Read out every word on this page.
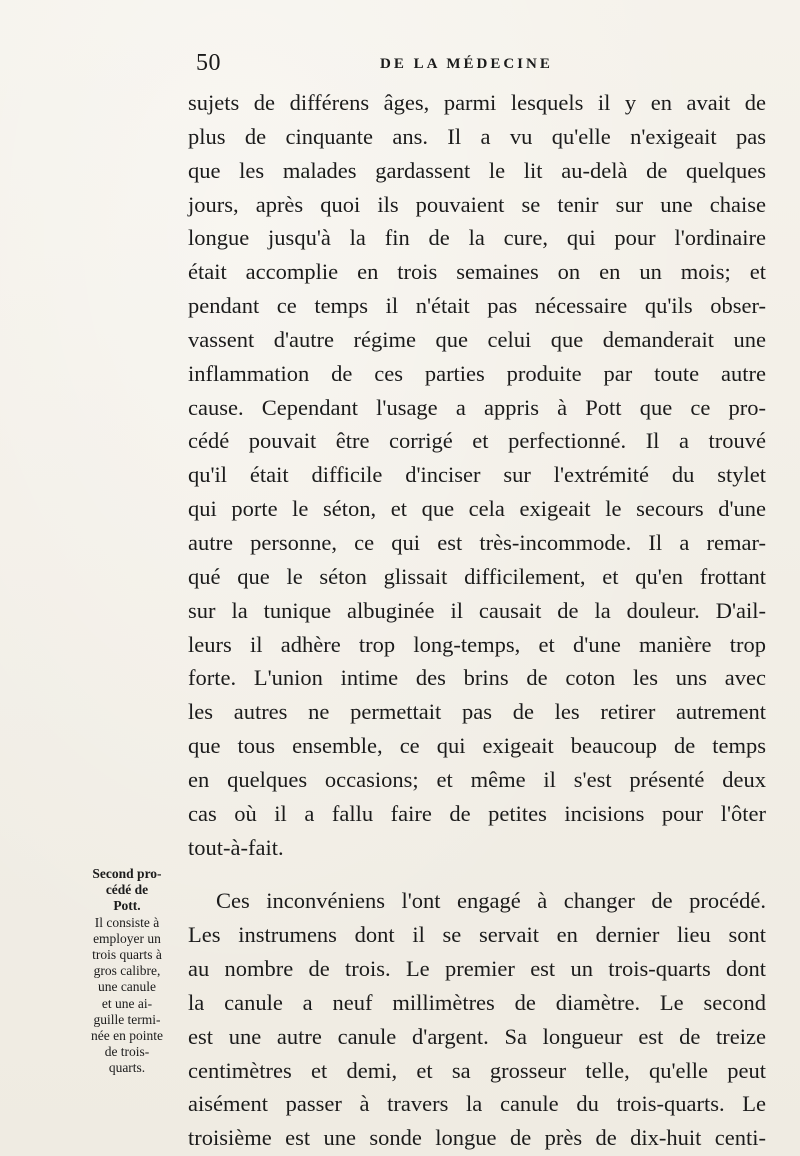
50	DE LA MÉDECINE
sujets de différens âges, parmi lesquels il y en avait de
plus de cinquante ans. Il a vu qu'elle n'exigeait pas
que les malades gardassent le lit au-delà de quelques
jours, après quoi ils pouvaient se tenir sur une chaise
longue jusqu'à la fin de la cure, qui pour l'ordinaire
était accomplie en trois semaines on en un mois; et
pendant ce temps il n'était pas nécessaire qu'ils obser-
vassent d'autre régime que celui que demanderait une
inflammation de ces parties produite par toute autre
cause. Cependant l'usage a appris à Pott que ce pro-
cédé pouvait être corrigé et perfectionné. Il a trouvé
qu'il était difficile d'inciser sur l'extrémité du stylet
qui porte le séton, et que cela exigeait le secours d'une
autre personne, ce qui est très-incommode. Il a remar-
qué que le séton glissait difficilement, et qu'en frottant
sur la tunique albuginée il causait de la douleur. D'ail-
leurs il adhère trop long-temps, et d'une manière trop
forte. L'union intime des brins de coton les uns avec
les autres ne permettait pas de les retirer autrement
que tous ensemble, ce qui exigeait beaucoup de temps
en quelques occasions; et même il s'est présenté deux
cas où il a fallu faire de petites incisions pour l'ôter
tout-à-fait.
Ces inconvéniens l'ont engagé à changer de procédé.
Les instrumens dont il se servait en dernier lieu sont
au nombre de trois. Le premier est un trois-quarts dont
la canule a neuf millimètres de diamètre. Le second
est une autre canule d'argent. Sa longueur est de treize
centimètres et demi, et sa grosseur telle, qu'elle peut
aisément passer à travers la canule du trois-quarts. Le
troisième est une sonde longue de près de dix-huit centi-
Second pro-
cédé de
Pott.
Il consiste à
employer un
trois quarts à
gros calibre,
une canule
et une ai-
guille termi-
née en pointe
de trois-
quarts.
